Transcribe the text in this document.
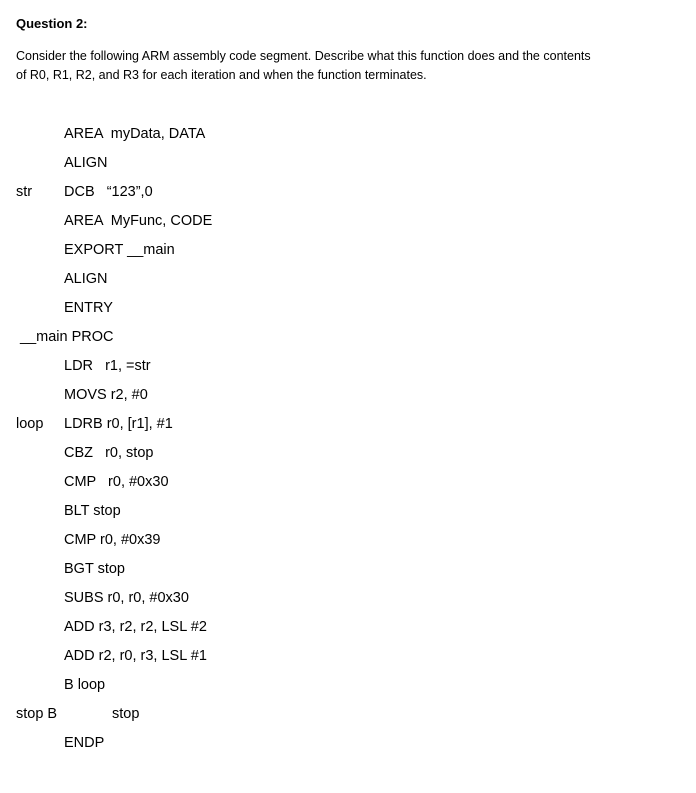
Question 2:

Consider the following ARM assembly code segment. Describe what this function does and the contents

of R0, R1, R2, and R3 for each iteration and when the function terminates.

AREA  myData, DATA
ALIGN
str DCB   “123”,0
AREA  MyFunc, CODE
EXPORT __main
ALIGN
ENTRY
__main PROC
LDR   r1, =str
MOVS r2, #0
loop LDRB r0, [r1], #1
CBZ   r0, stop
CMP   r0, #0x30
BLT stop
CMP r0, #0x39
BGT stop
SUBS r0, r0, #0x30
ADD r3, r2, r2, LSL #2
ADD r2, r0, r3, LSL #1
B loop
stop B	stop
ENDP
